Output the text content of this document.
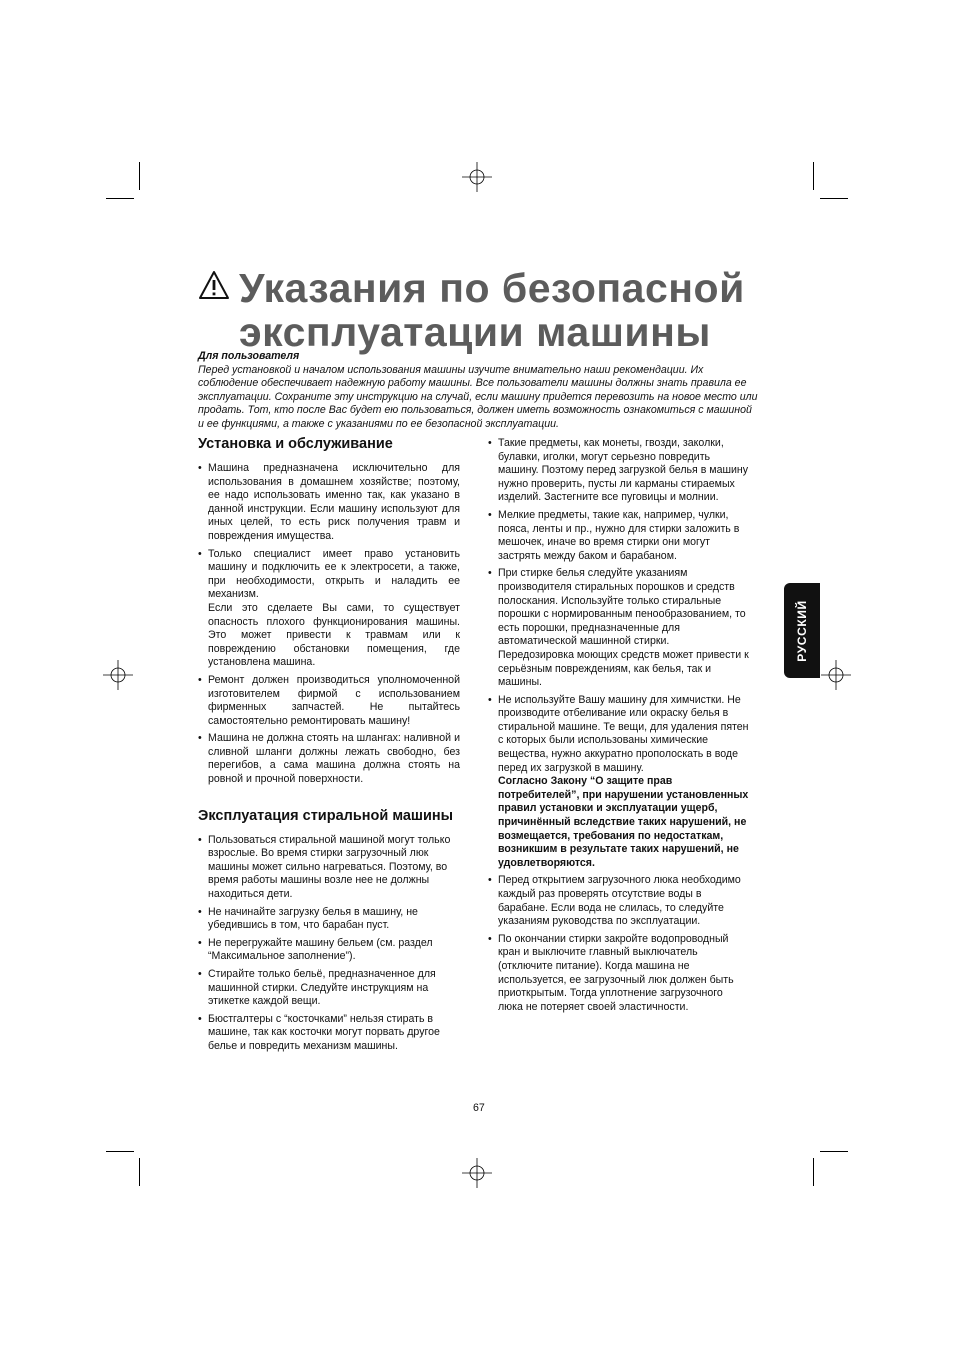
Указания по безопасной
эксплуатации машины
Для пользователя
Перед установкой и началом использования машины изучите внимательно наши рекомендации. Их соблюдение обеспечивает надежную работу машины. Все пользователи машины должны знать правила ее эксплуатации. Сохраните эту инструкцию на случай, если машину придется перевозить на новое место или продать. Тот, кто после Вас будет ею пользоваться, должен иметь возможность ознакомиться с машиной и ее функциями, а также с указаниями по ее безопасной эксплуатации.
Установка и обслуживание
• Машина предназначена исключительно для использования в домашнем хозяйстве; поэтому, ее надо использовать именно так, как указано в данной инструкции. Если машину используют для иных целей, то есть риск получения травм и повреждения имущества.
• Только специалист имеет право установить машину и подключить ее к электросети, а также, при необходимости, открыть и наладить ее механизм.
Если это сделаете Вы сами, то существует опасность плохого функционирования машины. Это может привести к травмам или к повреждению обстановки помещения, где установлена машина.
• Ремонт должен производиться уполномоченной изготовителем фирмой с использованием фирменных запчастей. Не пытайтесь самостоятельно ремонтировать машину!
• Машина не должна стоять на шлангах: наливной и сливной шланги должны лежать свободно, без перегибов, а сама машина должна стоять на ровной и прочной поверхности.
Эксплуатация стиральной машины
• Пользоваться стиральной машиной могут только взрослые. Во время стирки загрузочный люк машины может сильно нагреваться. Поэтому, во время работы машины возле нее не должны находиться дети.
• Не начинайте загрузку белья в машину, не убедившись в том, что барабан пуст.
• Не перегружайте машину бельем (см. раздел “Максимальное заполнение”).
• Стирайте только бельё, предназначенное для машинной стирки. Следуйте инструкциям на этикетке каждой вещи.
• Бюстгалтеры с “косточками” нельзя стирать в машине, так как косточки могут порвать другое белье и повредить механизм машины.
• Такие предметы, как монеты, гвозди, заколки, булавки, иголки, могут серьезно повредить машину. Поэтому перед загрузкой белья в машину нужно проверить, пусты ли карманы стираемых изделий. Застегните все пуговицы и молнии.
• Мелкие предметы, такие как, например, чулки, пояса, ленты и пр., нужно для стирки заложить в мешочек, иначе во время стирки они могут застрять между баком и барабаном.
• При стирке белья следуйте указаниям производителя стиральных порошков и средств полоскания. Используйте только стиральные порошки с нормированным пенообразованием, то есть порошки, предназначенные для автоматической машинной стирки.
Передозировка моющих средств может привести к серьёзным повреждениям, как белья, так и машины.
• Не используйте Вашу машину для химчистки. Не производите отбеливание или окраску белья в стиральной машине. Те вещи, для удаления пятен с которых были использованы химические вещества, нужно аккуратно прополоскать в воде перед их загрузкой в машину.
Согласно Закону “О защите прав потребителей”, при нарушении установленных правил установки и эксплуатации ущерб, причинённый вследствие таких нарушений, не возмещается, требования по недостаткам, возникшим в результате таких нарушений, не удовлетворяются.
• Перед открытием загрузочного люка необходимо каждый раз проверять отсутствие воды в барабане. Если вода не слилась, то следуйте указаниям руководства по эксплуатации.
• По окончании стирки закройте водопроводный кран и выключите главный выключатель (отключите питание). Когда машина не используется, ее загрузочный люк должен быть приоткрытым. Тогда уплотнение загрузочного люка не потеряет своей эластичности.
РУССКИЙ
67
